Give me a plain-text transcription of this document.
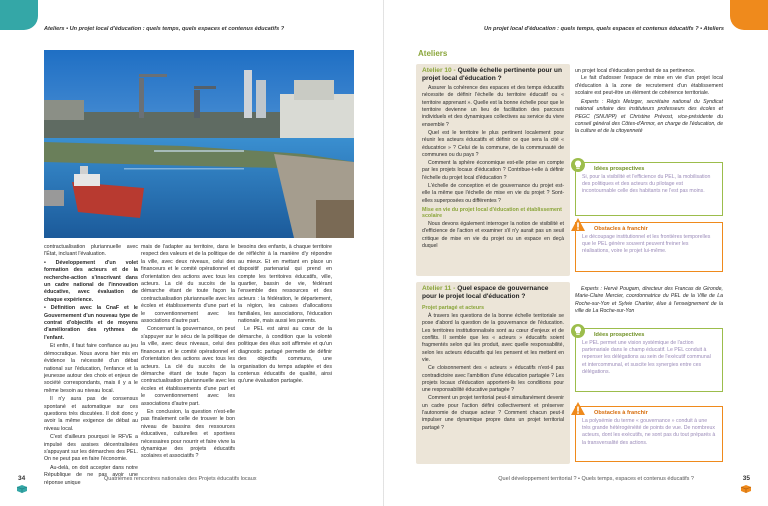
Ateliers • Un projet local d'éducation : quels temps, quels espaces et contenus éducatifs ?

contractualisation pluriannuelle avec l'État, incluant l'évaluation.

• Développement d'un volet formation des acteurs et de la recherche-action s'inscrivant dans un cadre national de l'innovation éducative, avec évaluation de chaque expérience.

• Définition avec la CnaF et le Gouvernement d'un nouveau type de contrat d'objectifs et de moyens d'amélioration des rythmes de l'enfant.

Et enfin, il faut faire confiance au jeu démocratique. Nous avons hier mis en évidence la nécessité d'un débat national sur l'éducation, l'enfance et la jeunesse autour des choix et enjeux de société correspondants, mais il y a le même besoin au niveau local.

Il n'y aura pas de consensus spontané et automatique sur ces questions très discutées. Il doit donc y avoir la même exigence de débat au niveau local.

C'est d'ailleurs pourquoi le RFVE a impulsé des assises décentralisées s'appuyant sur les démarches des PEL. On ne peut pas en faire l'économie.

Au-delà, on doit accepter dans notre République de ne pas avoir une réponse unique

mais de l'adapter au territoire, dans le respect des valeurs et de la politique de la ville, avec deux niveaux, celui des financeurs et le comité opérationnel et d'orientation des actions avec tous les acteurs. La clé du succès de la démarche étant de toute façon la contractualisation pluriannuelle avec les écoles et établissements d'une part et le conventionnement avec les associations d'autre part.

Concernant la gouvernance, on peut s'appuyer sur le sécu de la politique de la ville, avec deux niveaux, celui des financeurs et le comité opérationnel et d'orientation des actions avec tous les acteurs. La clé du succès de la démarche étant de toute façon la contractualisation pluriannuelle avec les écoles et établissements d'une part et le conventionnement avec les associations d'autre part.

En conclusion, la question n'est-elle pas finalement celle de trouver le bon niveau de bassins des ressources éducatives, culturelles et sportives nécessaires pour nourrir et faire vivre la dynamique des projets éducatifs scolaires et associatifs ?

besoins des enfants, à chaque territoire de réfléchir à la manière d'y répondre au mieux. Et en mettant en place un dispositif partenarial qui prend en compte les territoires éducatifs, ville, quartier, bassin de vie, fédérant l'ensemble des ressources et des acteurs : la fédération, le département, la région, les caisses d'allocations familiales, les associations, l'éducation nationale, mais aussi les parents.

Le PEL est ainsi au cœur de la démarche, à condition que la volonté politique des élus soit affirmée et qu'un diagnostic partagé permette de définir des objectifs communs, une organisation du temps adaptée et des contenus éducatifs de qualité, ainsi qu'une évaluation partagée.

34	Quatrièmes rencontres nationales des Projets éducatifs locaux
Un projet local d'éducation : quels temps, quels espaces et contenus éducatifs ? • Ateliers
35
Quel développement territorial ? • Quels temps, espaces et contenus éducatifs ?
Ateliers
Atelier 10 - Quelle échelle pertinente pour un projet local d'éducation ?

Assurer la cohérence des espaces et des temps éducatifs nécessite de définir l'échelle du territoire éducatif ou « territoire apprenant ». Quelle est la bonne échelle pour que le territoire devienne un lieu de facilitation des parcours individuels et des dynamiques collectives au service du vivre ensemble ?

Quel est le territoire le plus pertinent localement pour réunir les acteurs éducatifs et définir ce que sera la cité « éducatrice » ? Celui de la commune, de la communauté de communes ou du pays ?

Comment la sphère économique est-elle prise en compte par les projets locaux d'éducation ? Contribue-t-elle à définir l'échelle du projet local d'éducation ?

L'échelle de conception et de gouvernance du projet est-elle la même que l'échelle de mise en vie du projet ? Sont-elles superposées ou différentes ?

Mise en vie du projet local d'éducation et établissement scolaire

Nous devons également interroger la notion de visibilité et d'efficience de l'action et examiner s'il n'y aurait pas un seuil critique de mise en vie du projet ou un espace en deçà duquel

un projet local d'éducation perdrait de sa pertinence.

Le fait d'adosser l'espace de mise en vie d'un projet local d'éducation à la zone de recrutement d'un établissement scolaire est peut-être un élément de cohérence territoriale.

Experts : Régis Metzger, secrétaire national du Syndicat national unitaire des instituteurs professeurs des écoles et PEGC (SNUIPP) et Christine Prévost, vice-présidente du conseil général des Côtes-d'Armor, en charge de l'éducation, de la culture et de la citoyenneté

Idées prospectives
Si, pour la visibilité et l'efficience du PEL, la mobilisation des politiques et des acteurs du pilotage est incontournable celle des habitants ne l'est pas moins.
Obstacles à franchir
Le découpage institutionnel et les frontières temporelles que le PEL génère souvent peuvent freiner les réalisations, voire le projet lui-même.
Atelier 11 - Quel espace de gouvernance pour le projet local d'éducation ?
Projet partagé et acteurs

À travers les questions de la bonne échelle territoriale se pose d'abord la question de la gouvernance de l'éducation. Les territoires institutionnalisés sont au cœur d'enjeux et de conflits. Il semble que les « acteurs » éducatifs soient fragmentés selon qui les produit, avec quelle responsabilité, selon les acteurs éducatifs qui les pensent et les mettent en vie.

Ce cloisonnement des « acteurs » éducatifs n'est-il pas contradictoire avec l'ambition d'une éducation partagée ? Les projets locaux d'éducation apportent-ils les conditions pour une responsabilité éducative partagée ?

Comment un projet territorial peut-il simultanément devenir un cadre pour l'action défini collectivement et préserver l'autonomie de chaque acteur ? Comment chacun peut-il impulser une dynamique propre dans un projet territorial partagé ?

Experts : Hervé Pougam, directeur des Francas de Gironde, Marie-Claire Mercier, coordonnatrice du PEL de la Ville de La Roche-sur-Yon et Sylvie Chartier, élue à l'enseignement de la ville de La Roche-sur-Yon

Idées prospectives
Le PEL permet une vision systémique de l'action partenariale dans le champ éducatif. Le PEL conduit à repenser les délégations au sein de l'exécutif communal et intercommunal, et suscite les synergies entre ces délégations.
Obstacles à franchir
La polysémie du terme « gouvernance » conduit à une très grande hétérogénéité de points de vue. De nombreux acteurs, dont les exécutifs, ne sont pas du tout préparés à la transversalité des actions.
